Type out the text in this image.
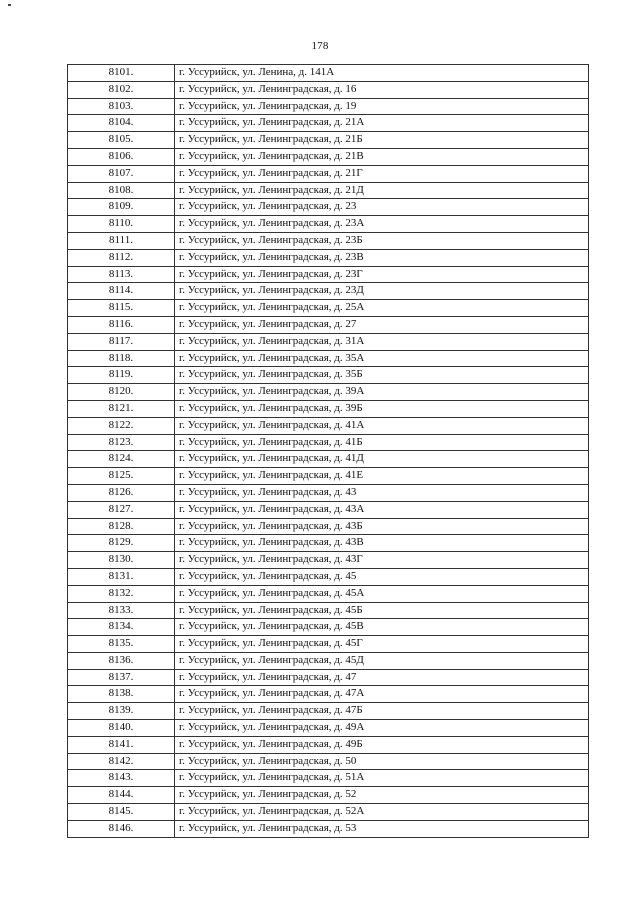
178
8101.	г. Уссурийск, ул. Ленина, д. 141А
8102.	г. Уссурийск, ул. Ленинградская, д. 16
8103.	г. Уссурийск, ул. Ленинградская, д. 19
8104.	г. Уссурийск, ул. Ленинградская, д. 21А
8105.	г. Уссурийск, ул. Ленинградская, д. 21Б
8106.	г. Уссурийск, ул. Ленинградская, д. 21В
8107.	г. Уссурийск, ул. Ленинградская, д. 21Г
8108.	г. Уссурийск, ул. Ленинградская, д. 21Д
8109.	г. Уссурийск, ул. Ленинградская, д. 23
8110.	г. Уссурийск, ул. Ленинградская, д. 23А
8111.	г. Уссурийск, ул. Ленинградская, д. 23Б
8112.	г. Уссурийск, ул. Ленинградская, д. 23В
8113.	г. Уссурийск, ул. Ленинградская, д. 23Г
8114.	г. Уссурийск, ул. Ленинградская, д. 23Д
8115.	г. Уссурийск, ул. Ленинградская, д. 25А
8116.	г. Уссурийск, ул. Ленинградская, д. 27
8117.	г. Уссурийск, ул. Ленинградская, д. 31А
8118.	г. Уссурийск, ул. Ленинградская, д. 35А
8119.	г. Уссурийск, ул. Ленинградская, д. 35Б
8120.	г. Уссурийск, ул. Ленинградская, д. 39А
8121.	г. Уссурийск, ул. Ленинградская, д. 39Б
8122.	г. Уссурийск, ул. Ленинградская, д. 41А
8123.	г. Уссурийск, ул. Ленинградская, д. 41Б
8124.	г. Уссурийск, ул. Ленинградская, д. 41Д
8125.	г. Уссурийск, ул. Ленинградская, д. 41Е
8126.	г. Уссурийск, ул. Ленинградская, д. 43
8127.	г. Уссурийск, ул. Ленинградская, д. 43А
8128.	г. Уссурийск, ул. Ленинградская, д. 43Б
8129.	г. Уссурийск, ул. Ленинградская, д. 43В
8130.	г. Уссурийск, ул. Ленинградская, д. 43Г
8131.	г. Уссурийск, ул. Ленинградская, д. 45
8132.	г. Уссурийск, ул. Ленинградская, д. 45А
8133.	г. Уссурийск, ул. Ленинградская, д. 45Б
8134.	г. Уссурийск, ул. Ленинградская, д. 45В
8135.	г. Уссурийск, ул. Ленинградская, д. 45Г
8136.	г. Уссурийск, ул. Ленинградская, д. 45Д
8137.	г. Уссурийск, ул. Ленинградская, д. 47
8138.	г. Уссурийск, ул. Ленинградская, д. 47А
8139.	г. Уссурийск, ул. Ленинградская, д. 47Б
8140.	г. Уссурийск, ул. Ленинградская, д. 49А
8141.	г. Уссурийск, ул. Ленинградская, д. 49Б
8142.	г. Уссурийск, ул. Ленинградская, д. 50
8143.	г. Уссурийск, ул. Ленинградская, д. 51А
8144.	г. Уссурийск, ул. Ленинградская, д. 52
8145.	г. Уссурийск, ул. Ленинградская, д. 52А
8146.	г. Уссурийск, ул. Ленинградская, д. 53
